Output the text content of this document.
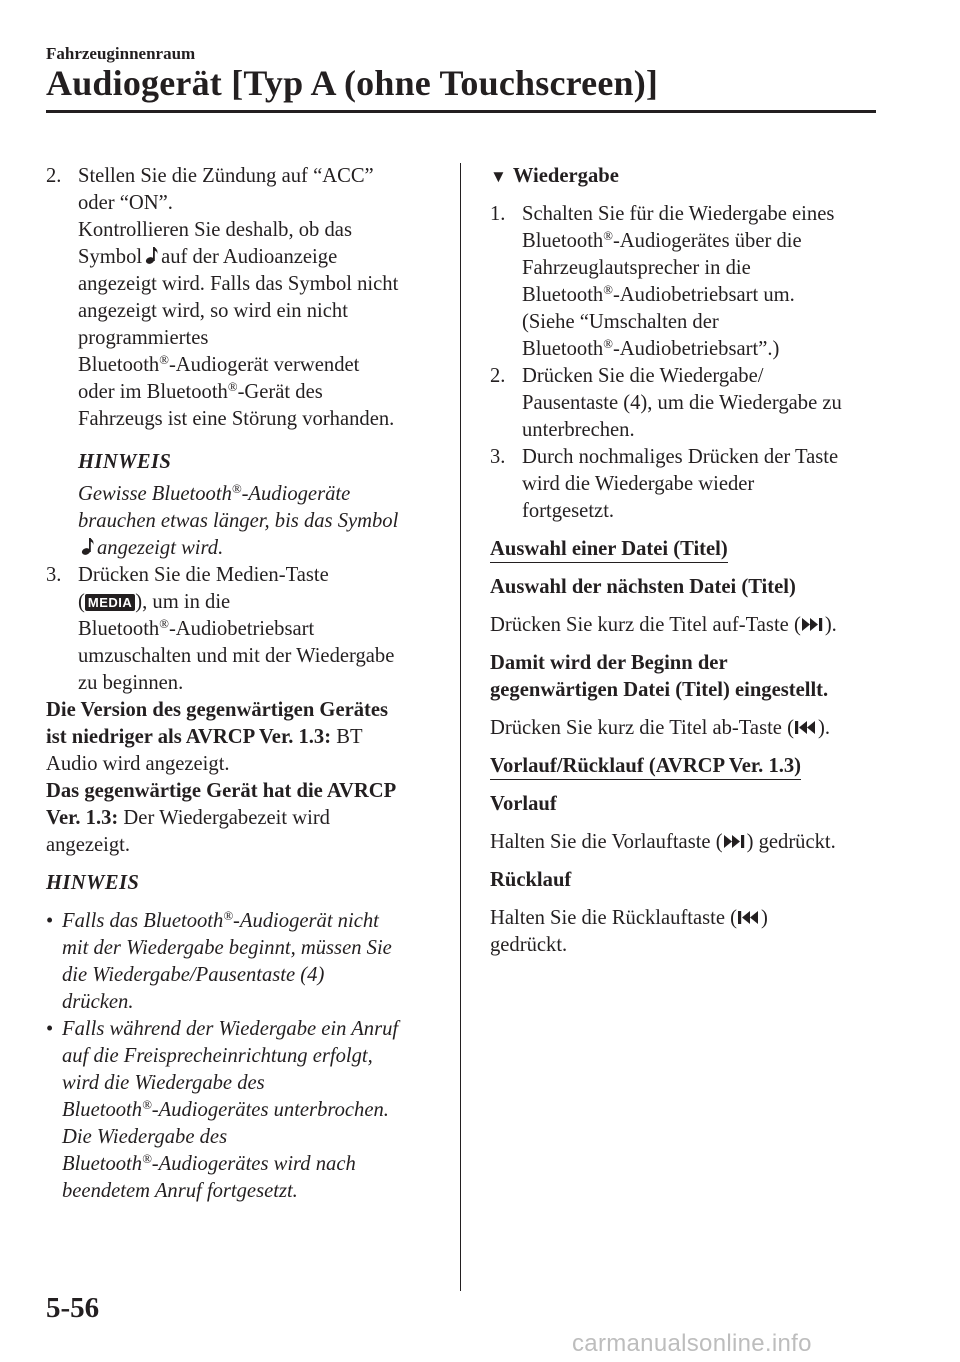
Fahrzeuginnenraum
Audiogerät [Typ A (ohne Touchscreen)]
2. Stellen Sie die Zündung auf “ACC”
oder “ON”.
Kontrollieren Sie deshalb, ob das
Symbol auf der Audioanzeige
angezeigt wird. Falls das Symbol nicht
angezeigt wird, so wird ein nicht
programmiertes
Bluetooth®-Audiogerät verwendet
oder im Bluetooth®-Gerät des
Fahrzeugs ist eine Störung vorhanden.
HINWEIS
Gewisse Bluetooth®-Audiogeräte
brauchen etwas länger, bis das Symbol
angezeigt wird.
3. Drücken Sie die Medien-Taste
( MEDIA ), um in die
Bluetooth®-Audiobetriebsart
umzuschalten und mit der Wiedergabe
zu beginnen.
Die Version des gegenwärtigen Gerätes
ist niedriger als AVRCP Ver. 1.3: BT
Audio wird angezeigt.
Das gegenwärtige Gerät hat die AVRCP
Ver. 1.3: Der Wiedergabezeit wird
angezeigt.
HINWEIS
• Falls das Bluetooth®-Audiogerät nicht
mit der Wiedergabe beginnt, müssen Sie
die Wiedergabe/Pausentaste (4)
drücken.
• Falls während der Wiedergabe ein Anruf
auf die Freisprecheinrichtung erfolgt,
wird die Wiedergabe des
Bluetooth®-Audiogerätes unterbrochen.
Die Wiedergabe des
Bluetooth®-Audiogerätes wird nach
beendetem Anruf fortgesetzt.
▼ Wiedergabe
1. Schalten Sie für die Wiedergabe eines
Bluetooth®-Audiogerätes über die
Fahrzeuglautsprecher in die
Bluetooth®-Audiobetriebsart um.
(Siehe “Umschalten der
Bluetooth®-Audiobetriebsart”.)
2. Drücken Sie die Wiedergabe/
Pausentaste (4), um die Wiedergabe zu
unterbrechen.
3. Durch nochmaliges Drücken der Taste
wird die Wiedergabe wieder
fortgesetzt.
Auswahl einer Datei (Titel)
Auswahl der nächsten Datei (Titel)
Drücken Sie kurz die Titel auf-Taste ( ).
Damit wird der Beginn der
gegenwärtigen Datei (Titel) eingestellt.
Drücken Sie kurz die Titel ab-Taste ( ).
Vorlauf/Rücklauf (AVRCP Ver. 1.3)
Vorlauf
Halten Sie die Vorlauftaste ( ) gedrückt.
Rücklauf
Halten Sie die Rücklauftaste ( )
gedrückt.
5-56
carmanualsonline.info
